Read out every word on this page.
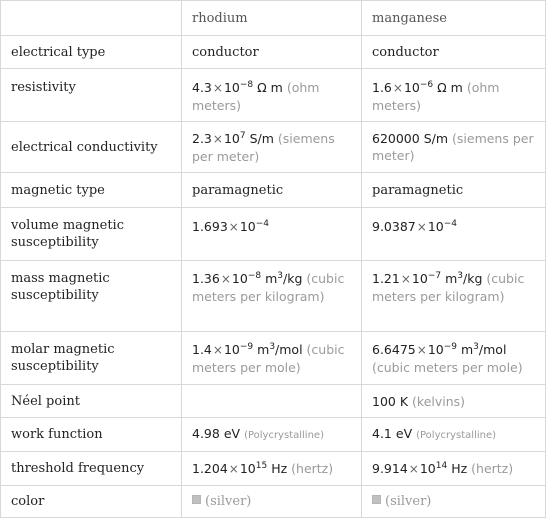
	rhodium	manganese
electrical type	conductor	conductor
resistivity	$4.3\times 10^{-8}$ Ω m (ohm meters)	$1.6\times 10^{-6}$ Ω m (ohm meters)
electrical conductivity	$2.3\times 10^7$ S/m (siemens per meter)	620000 S/m (siemens per meter)
magnetic type	paramagnetic	paramagnetic
volume magnetic susceptibility	$1.693\times 10^{-4}$	$9.0387\times 10^{-4}$
mass magnetic susceptibility	$1.36\times 10^{-8}$ $m^3/kg$ (cubic meters per kilogram)	$1.21\times 10^{-7}$ $m^3/kg$ (cubic meters per kilogram)
molar magnetic susceptibility	$1.4\times 10^{-9}$ $m^3$/mol (cubic meters per mole)	$6.6475\times 10^{-9}$ $m^3$/mol (cubic meters per mole)
Néel point		100 K (kelvins)
work function	4.98 eV (Polycrystalline)	4.1 eV (Polycrystalline)
threshold frequency	$1.204\times 10^{15}$ Hz (hertz)	$9.914\times 10^{14}$ Hz (hertz)
color	(silver)	(silver)
